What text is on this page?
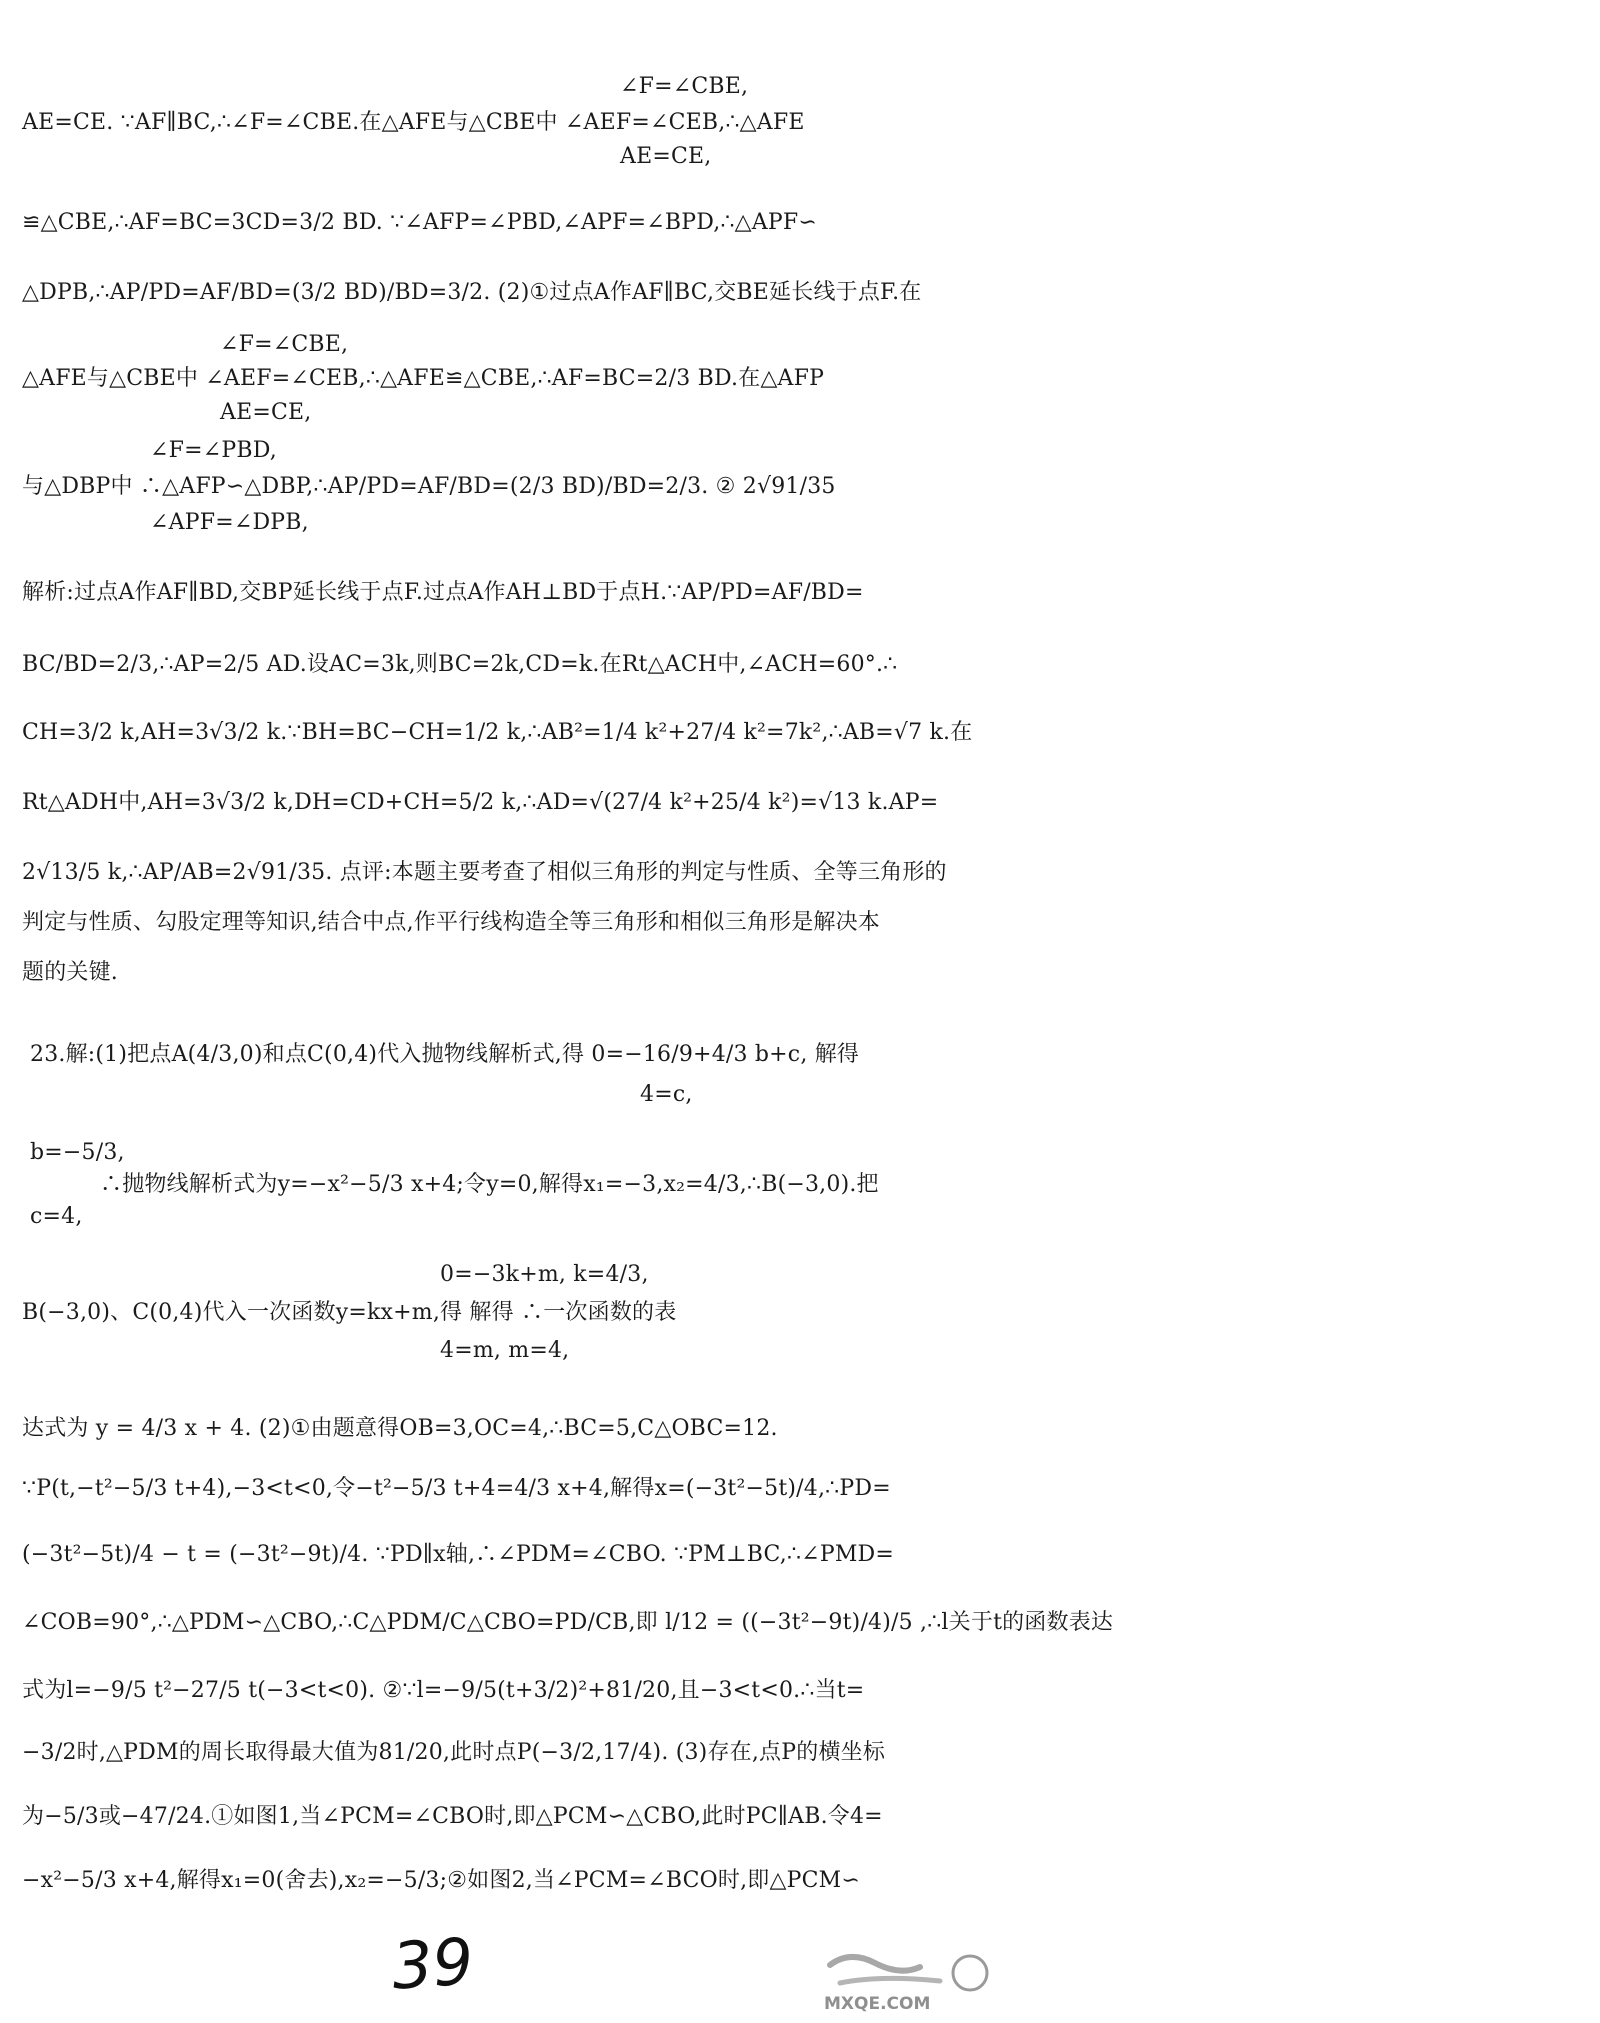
∠F=∠CBE,
AE=CE. ∵AF∥BC,∴∠F=∠CBE.在△AFE与△CBE中 ∠AEF=∠CEB,∴△AFE
AE=CE,
≌△CBE,∴AF=BC=3CD=3/2 BD. ∵∠AFP=∠PBD,∠APF=∠BPD,∴△APF∽
△DPB,∴AP/PD=AF/BD=(3/2 BD)/BD=3/2. (2)①过点A作AF∥BC,交BE延长线于点F.在
∠F=∠CBE,
△AFE与△CBE中 ∠AEF=∠CEB,∴△AFE≌△CBE,∴AF=BC=2/3 BD.在△AFP
AE=CE,
∠F=∠PBD,
与△DBP中 ∴△AFP∽△DBP,∴AP/PD=AF/BD=(2/3 BD)/BD=2/3. ② 2√91/35
∠APF=∠DPB,
解析:过点A作AF∥BD,交BP延长线于点F.过点A作AH⊥BD于点H.∵AP/PD=AF/BD=
BC/BD=2/3,∴AP=2/5 AD.设AC=3k,则BC=2k,CD=k.在Rt△ACH中,∠ACH=60°.∴
CH=3/2 k,AH=3√3/2 k.∵BH=BC−CH=1/2 k,∴AB²=1/4 k²+27/4 k²=7k²,∴AB=√7 k.在
Rt△ADH中,AH=3√3/2 k,DH=CD+CH=5/2 k,∴AD=√(27/4 k²+25/4 k²)=√13 k.AP=
2√13/5 k,∴AP/AB=2√91/35. 点评:本题主要考查了相似三角形的判定与性质、全等三角形的
判定与性质、勾股定理等知识,结合中点,作平行线构造全等三角形和相似三角形是解决本
题的关键.
23.解:(1)把点A(4/3,0)和点C(0,4)代入抛物线解析式,得 0=−16/9+4/3 b+c, 解得
4=c,
b=−5/3,
∴抛物线解析式为y=−x²−5/3 x+4;令y=0,解得x₁=−3,x₂=4/3,∴B(−3,0).把
c=4,
0=−3k+m, k=4/3,
B(−3,0)、C(0,4)代入一次函数y=kx+m,得 解得 ∴一次函数的表
4=m, m=4,
达式为 y = 4/3 x + 4. (2)①由题意得OB=3,OC=4,∴BC=5,C△OBC=12.
∵P(t,−t²−5/3 t+4),−3<t<0,令−t²−5/3 t+4=4/3 x+4,解得x=(−3t²−5t)/4,∴PD=
(−3t²−5t)/4 − t = (−3t²−9t)/4. ∵PD∥x轴,∴∠PDM=∠CBO. ∵PM⊥BC,∴∠PMD=
∠COB=90°,∴△PDM∽△CBO,∴C△PDM/C△CBO=PD/CB,即 l/12 = ((−3t²−9t)/4)/5 ,∴l关于t的函数表达
式为l=−9/5 t²−27/5 t(−3<t<0). ②∵l=−9/5(t+3/2)²+81/20,且−3<t<0.∴当t=
−3/2时,△PDM的周长取得最大值为81/20,此时点P(−3/2,17/4). (3)存在,点P的横坐标
为−5/3或−47/24.①如图1,当∠PCM=∠CBO时,即△PCM∽△CBO,此时PC∥AB.令4=
−x²−5/3 x+4,解得x₁=0(舍去),x₂=−5/3;②如图2,当∠PCM=∠BCO时,即△PCM∽
39	MXQE.COM
